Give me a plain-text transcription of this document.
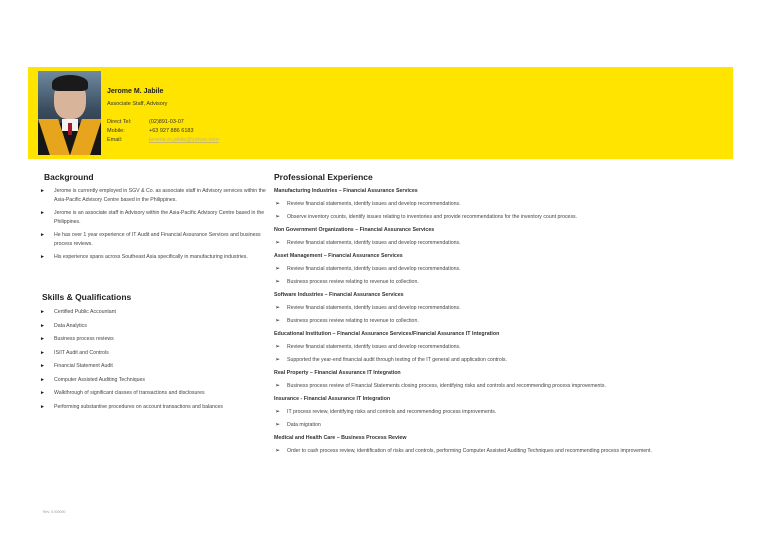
Jerome M. Jabile
Associate Staff, Advisory
Direct Tel:	(02)891-03-07
Mobile:	+63 927 886 6183
Email:	jerome.m.jabile@yahoo.com
Background
► Jerome is currently employed in SGV & Co. as associate staff in Advisory services within the Asia-Pacific Advisory Centre based in the Philippines.
► Jerome is an associate staff in Advisory within the Asia-Pacific Advisory Centre based in the Philippines.
► He has over 1 year experience of IT Audit and Financial Assurance Services and business process reviews.
► His experience spans across Southeast Asia specifically in manufacturing industries.
Skills & Qualifications
► Certified Public Accountant
► Data Analytics
► Business process reviews
► IS/IT Audit and Controls
► Financial Statement Audit
► Computer Assisted Auditing Techniques
► Walkthrough of significant classes of transactions and disclosures
► Performing substantive procedures on account transactions and balances
Professional Experience
Manufacturing Industries – Financial Assurance Services
➢ Review financial statements, identify issues and develop recommendations.
➢ Observe inventory counts, identify issues relating to inventories and provide recommendations for the inventory count process.
Non Government Organizations – Financial Assurance Services
➢ Review financial statements, identify issues and develop recommendations.
Asset Management – Financial Assurance Services
➢ Review financial statements, identify issues and develop recommendations.
➢ Business process review relating to revenue to collection.
Software Industries – Financial Assurance Services
➢ Review financial statements, identify issues and develop recommendations.
➢ Business process review relating to revenue to collection.
Educational Institution – Financial Assurance Services/Financial Assurance IT Integration
➢ Review financial statements, identify issues and develop recommendations.
➢ Supported the year-end financial audit through testing of the IT general and application controls.
Real Property – Financial Assurance IT Integration
➢ Business process review of Financial Statements closing process, identifying risks and controls and recommending process improvements.
Insurance - Financial Assurance IT Integration
➢ IT process review, identifying risks and controls and recommending process improvements.
➢ Data migration
Medical and Health Care – Business Process Review
➢ Order to cash process review, identification of risks and controls, performing Computer Assisted Auditing Techniques and recommending process improvement.
Rev. 0.000000
